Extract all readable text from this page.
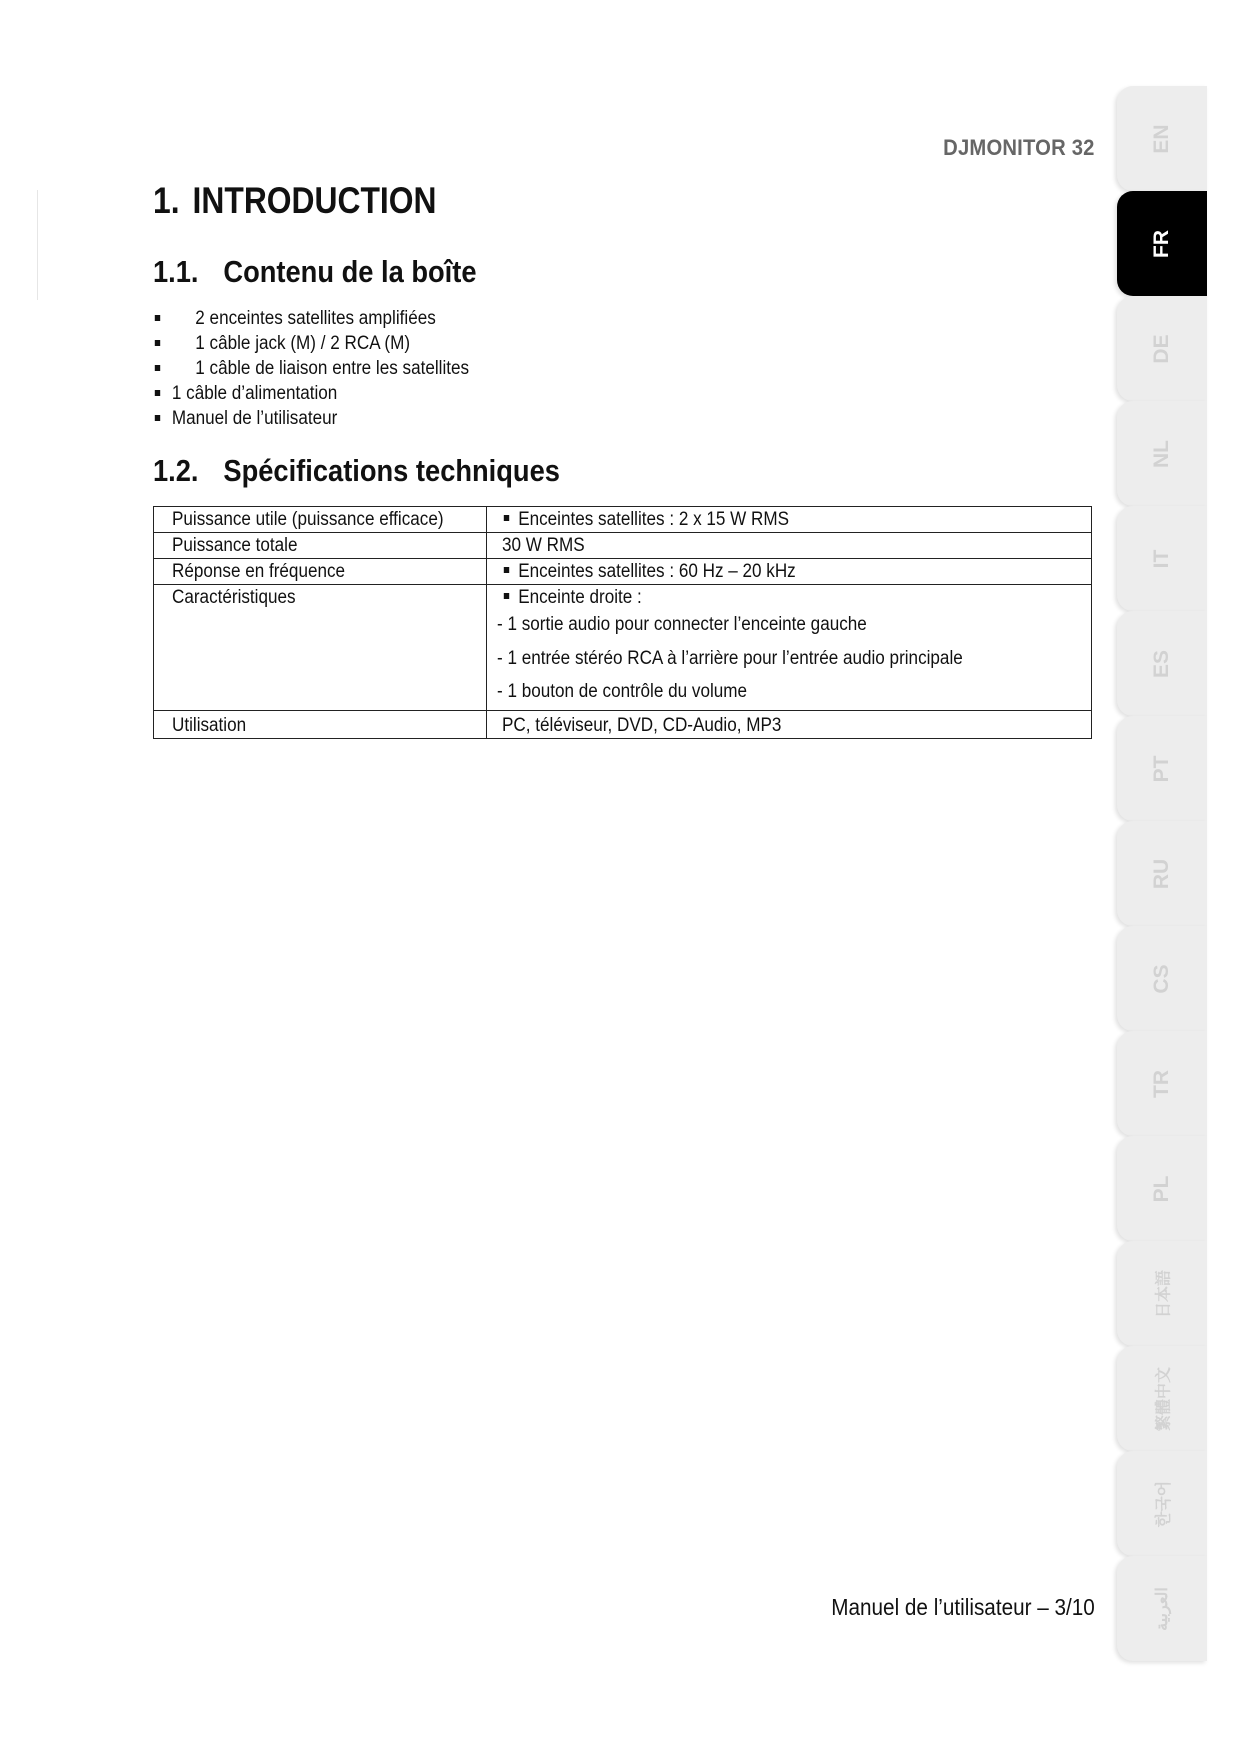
DJMONITOR 32
1. INTRODUCTION
1.1. Contenu de la boîte
2 enceintes satellites amplifiées
1 câble jack (M) / 2 RCA (M)
1 câble de liaison entre les satellites
1 câble d’alimentation
Manuel de l’utilisateur
1.2. Spécifications techniques
Puissance utile (puissance efficace)	Enceintes satellites : 2 x 15 W RMS
Puissance totale	30 W RMS
Réponse en fréquence	Enceintes satellites : 60 Hz – 20 kHz
Caractéristiques	Enceinte droite :
- 1 sortie audio pour connecter l’enceinte gauche
- 1 entrée stéréo RCA à l’arrière pour l’entrée audio principale
- 1 bouton de contrôle du volume

Utilisation	PC, téléviseur, DVD, CD-Audio, MP3
Manuel de l’utilisateur – 3/10
EN
FR
DE
NL
IT
ES
PT
RU
CS
TR
PL
日本語
繁體中文
한국어
العربية
